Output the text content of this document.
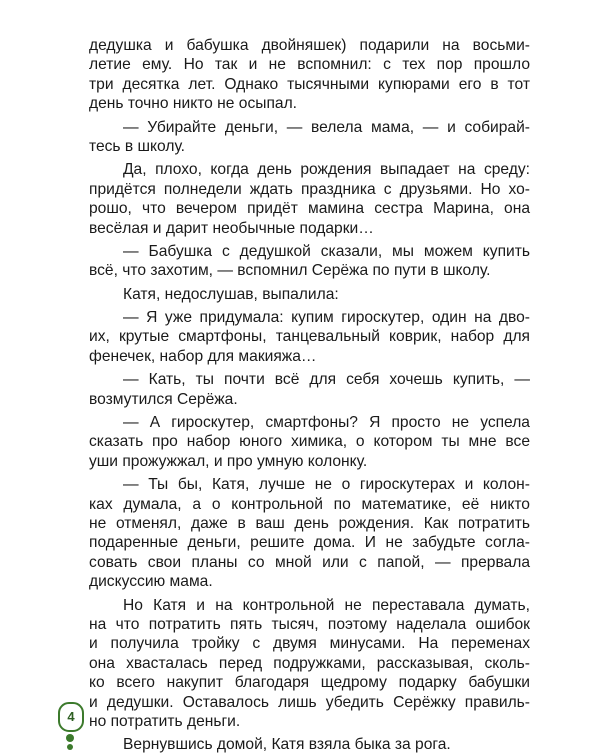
дедушка и бабушка двойняшек) подарили на восьми-
летие ему. Но так и не вспомнил: с тех пор прошло
три десятка лет. Однако тысячными купюрами его в тот
день точно никто не осыпал.
— Убирайте деньги, — велела мама, — и собирай-
тесь в школу.
Да, плохо, когда день рождения выпадает на среду:
придётся полнедели ждать праздника с друзьями. Но хо-
рошо, что вечером придёт мамина сестра Марина, она
весёлая и дарит необычные подарки…
— Бабушка с дедушкой сказали, мы можем купить
всё, что захотим, — вспомнил Серёжа по пути в школу.
Катя, недослушав, выпалила:
— Я уже придумала: купим гироскутер, один на дво-
их, крутые смартфоны, танцевальный коврик, набор для
фенечек, набор для макияжа…
— Кать, ты почти всё для себя хочешь купить, —
возмутился Серёжа.
— А гироскутер, смартфоны? Я просто не успела
сказать про набор юного химика, о котором ты мне все
уши прожужжал, и про умную колонку.
— Ты бы, Катя, лучше не о гироскутерах и колон-
ках думала, а о контрольной по математике, её никто
не отменял, даже в ваш день рождения. Как потратить
подаренные деньги, решите дома. И не забудьте согла-
совать свои планы со мной или с папой, — прервала
дискуссию мама.
Но Катя и на контрольной не переставала думать,
на что потратить пять тысяч, поэтому наделала ошибок
и получила тройку с двумя минусами. На переменах
она хвасталась перед подружками, рассказывая, сколь-
ко всего накупит благодаря щедрому подарку бабушки
и дедушки. Оставалось лишь убедить Серёжку правиль-
но потратить деньги.
Вернувшись домой, Катя взяла быка за рога.
4
